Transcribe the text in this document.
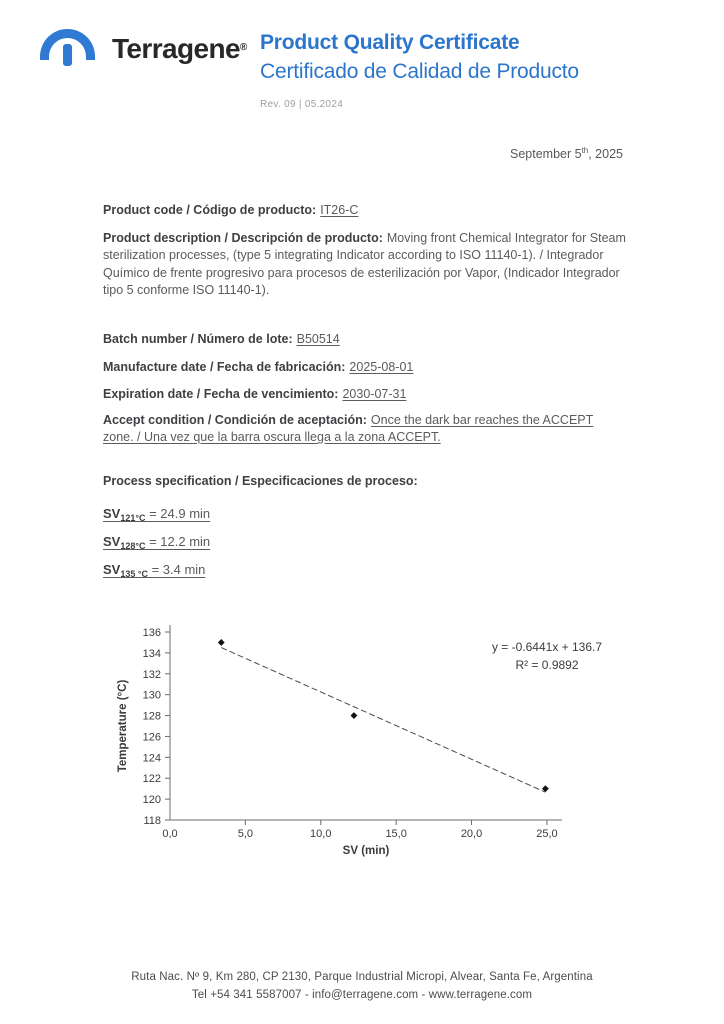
Terragene® Product Quality Certificate
Certificado de Calidad de Producto
Rev. 09 | 05.2024
September 5th, 2025

Product code / Código de producto: IT26-C

Product description / Descripción de producto: Moving front Chemical Integrator for Steam sterilization processes, (type 5 integrating Indicator according to ISO 11140-1). / Integrador Químico de frente progresivo para procesos de esterilización por Vapor, (Indicador Integrador tipo 5 conforme ISO 11140-1).

Batch number / Número de lote: B50514

Manufacture date / Fecha de fabricación: 2025-08-01

Expiration date / Fecha de vencimiento: 2030-07-31

Accept condition / Condición de aceptación: Once the dark bar reaches the ACCEPT zone. / Una vez que la barra oscura llega a la zona ACCEPT.

Process specification / Especificaciones de proceso:

$SV_{121^\circ C} = 24.9$ min
$SV_{128^\circ C} = 12.2$ min
$SV_{135 ^\circ C} = 3.4$ min
118
120
122
124
126
128
130
132
134
136
0,0	5,0	10,0	15,0	20,0	25,0
y = -0.6441x + 136.7
R² = 0.9892
SV (min)
Temperature (°C)
Ruta Nac. Nº 9, Km 280, CP 2130, Parque Industrial Micropi, Alvear, Santa Fe, Argentina
Tel +54 341 5587007 - info@terragene.com - www.terragene.com
